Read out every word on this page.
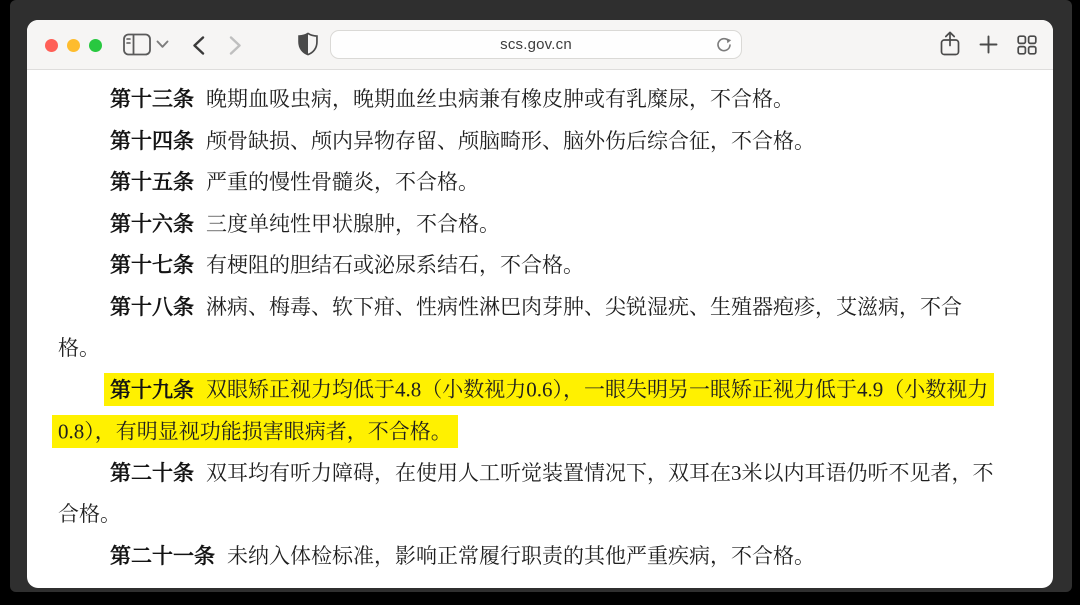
scs.gov.cn
第十三条 晚期血吸虫病，晚期血丝虫病兼有橡皮肿或有乳糜尿，不合格。
第十四条 颅骨缺损、颅内异物存留、颅脑畸形、脑外伤后综合征，不合格。
第十五条 严重的慢性骨髓炎，不合格。
第十六条 三度单纯性甲状腺肿，不合格。
第十七条 有梗阻的胆结石或泌尿系结石，不合格。
第十八条 淋病、梅毒、软下疳、性病性淋巴肉芽肿、尖锐湿疣、生殖器疱疹，艾滋病，不合
格。
第十九条 双眼矫正视力均低于4.8（小数视力0.6），一眼失明另一眼矫正视力低于4.9（小数视力
0.8），有明显视功能损害眼病者，不合格。
第二十条 双耳均有听力障碍，在使用人工听觉装置情况下，双耳在3米以内耳语仍听不见者，不
合格。
第二十一条 未纳入体检标准，影响正常履行职责的其他严重疾病，不合格。
